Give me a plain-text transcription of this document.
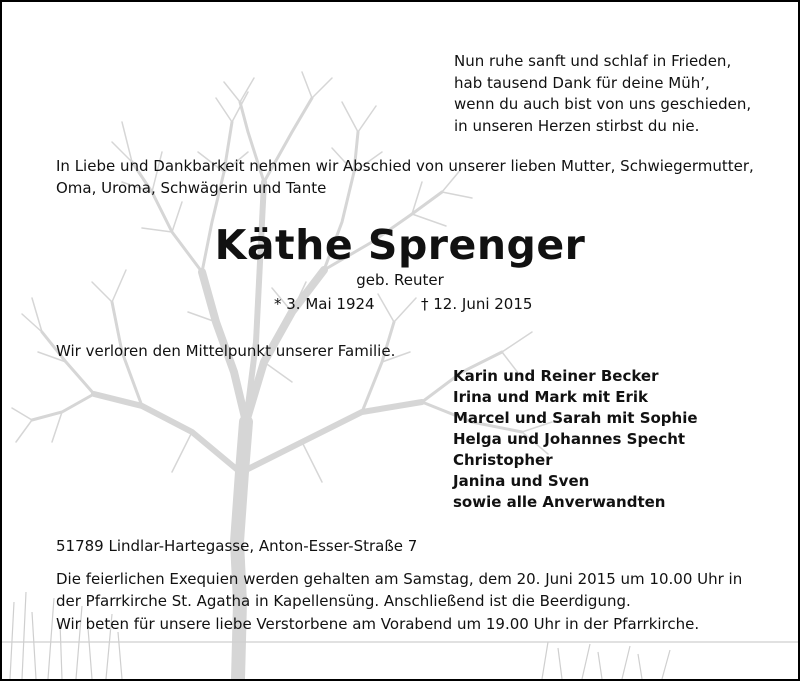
Nun ruhe sanft und schlaf in Frieden,
hab tausend Dank für deine Müh’,
wenn du auch bist von uns geschieden,
in unseren Herzen stirbst du nie.
In Liebe und Dankbarkeit nehmen wir Abschied von unserer lieben Mutter, Schwiegermutter,
Oma, Uroma, Schwägerin und Tante
Käthe Sprenger
geb. Reuter
* 3. Mai 1924	† 12. Juni 2015
Wir verloren den Mittelpunkt unserer Familie.
Karin und Reiner Becker
Irina und Mark mit Erik
Marcel und Sarah mit Sophie
Helga und Johannes Specht
Christopher
Janina und Sven
sowie alle Anverwandten
51789 Lindlar-Hartegasse, Anton-Esser-Straße 7
Die feierlichen Exequien werden gehalten am Samstag, dem 20. Juni 2015 um 10.00 Uhr in
der Pfarrkirche St. Agatha in Kapellensüng. Anschließend ist die Beerdigung.
Wir beten für unsere liebe Verstorbene am Vorabend um 19.00 Uhr in der Pfarrkirche.
